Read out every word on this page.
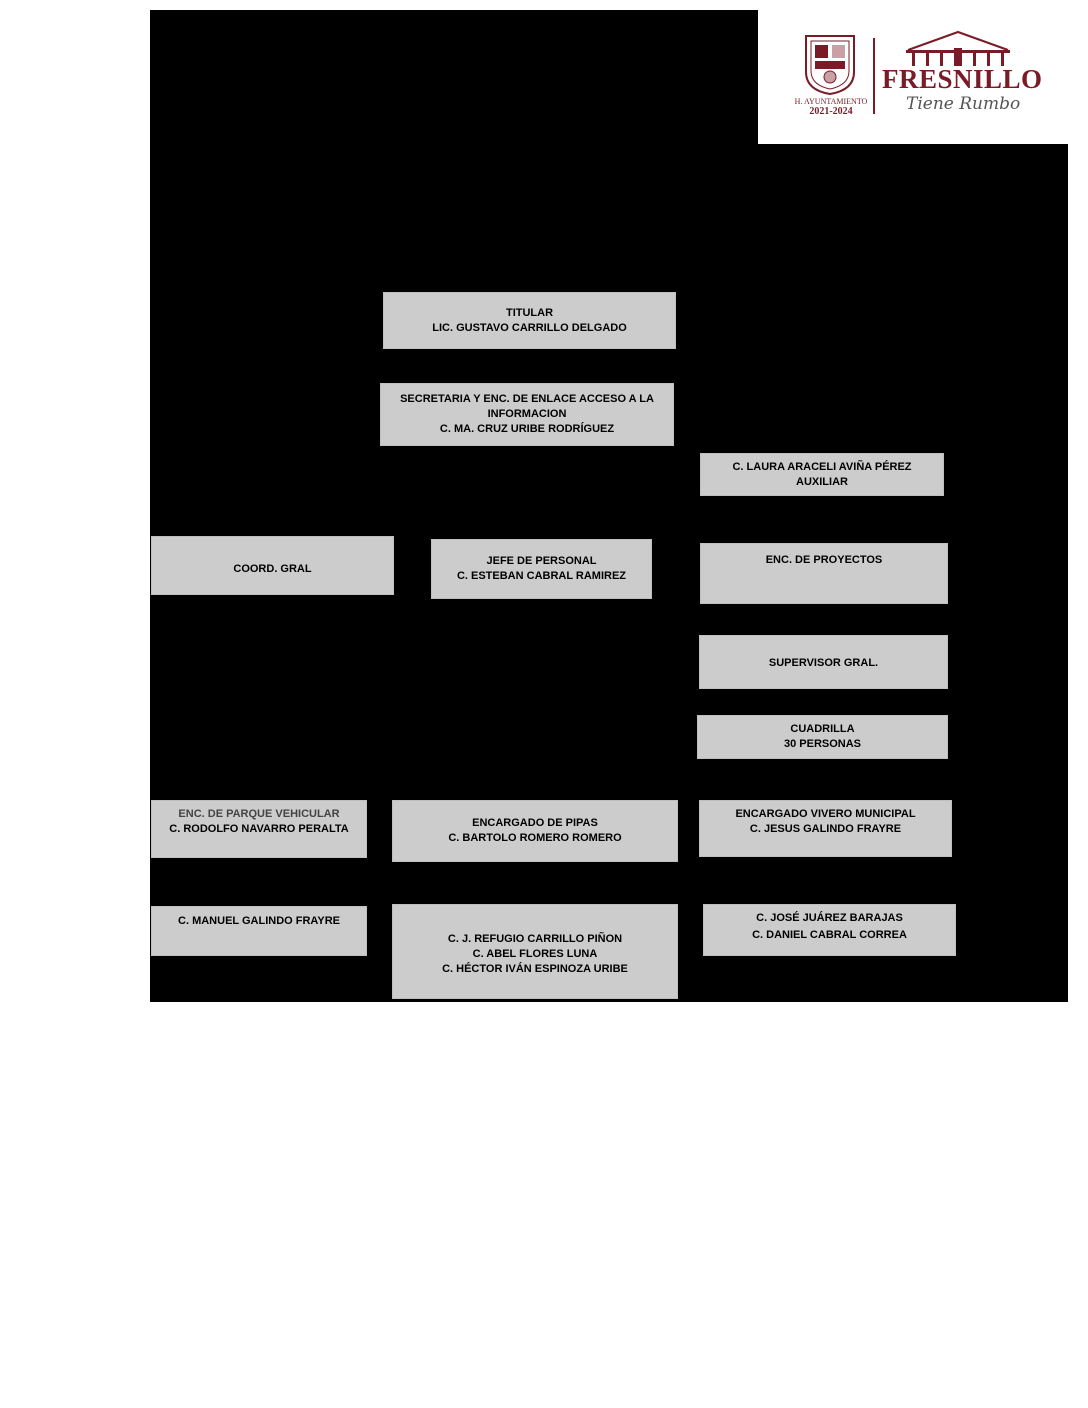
H. AYUNTAMIENTO
2021-2024
FRESNILLO
Tiene Rumbo
TITULAR
LIC. GUSTAVO CARRILLO DELGADO
SECRETARIA Y ENC. DE ENLACE ACCESO A LA
INFORMACION
C. MA. CRUZ URIBE RODRÍGUEZ
C. LAURA ARACELI AVIÑA PÉREZ
AUXILIAR
COORD. GRAL
JEFE DE PERSONAL
C. ESTEBAN CABRAL RAMIREZ
ENC. DE PROYECTOS
SUPERVISOR GRAL.
CUADRILLA
30 PERSONAS
ENC. DE PARQUE VEHICULAR
C. RODOLFO NAVARRO PERALTA	ENCARGADO DE PIPAS
C. BARTOLO ROMERO ROMERO
ENCARGADO VIVERO MUNICIPAL
C. JESUS GALINDO FRAYRE
C. MANUEL GALINDO FRAYRE
C. J. REFUGIO CARRILLO PIÑON
C. ABEL FLORES LUNA
C. HÉCTOR IVÁN ESPINOZA URIBE
C. JOSÉ JUÁREZ BARAJAS
C. DANIEL CABRAL CORREA
